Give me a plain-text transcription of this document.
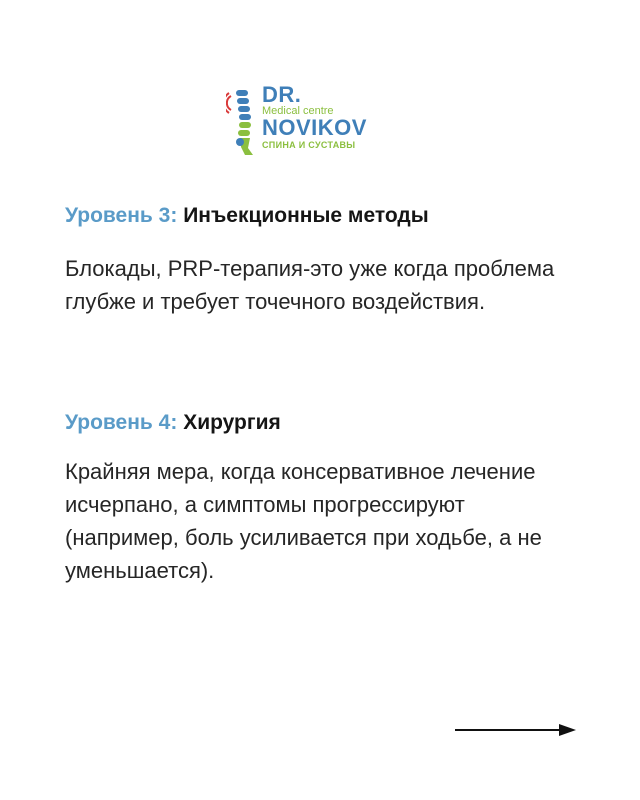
DR.
Medical centre
NOVIKOV
СПИНА И СУСТАВЫ
Уровень 3: Инъекционные методы
Блокады, PRP-терапия-это уже когда проблема глубже и требует точечного воздействия.
Уровень 4: Хирургия
Крайняя мера, когда консервативное лечение исчерпано, а симптомы прогрессируют (например, боль усиливается при ходьбе, а не уменьшается).
